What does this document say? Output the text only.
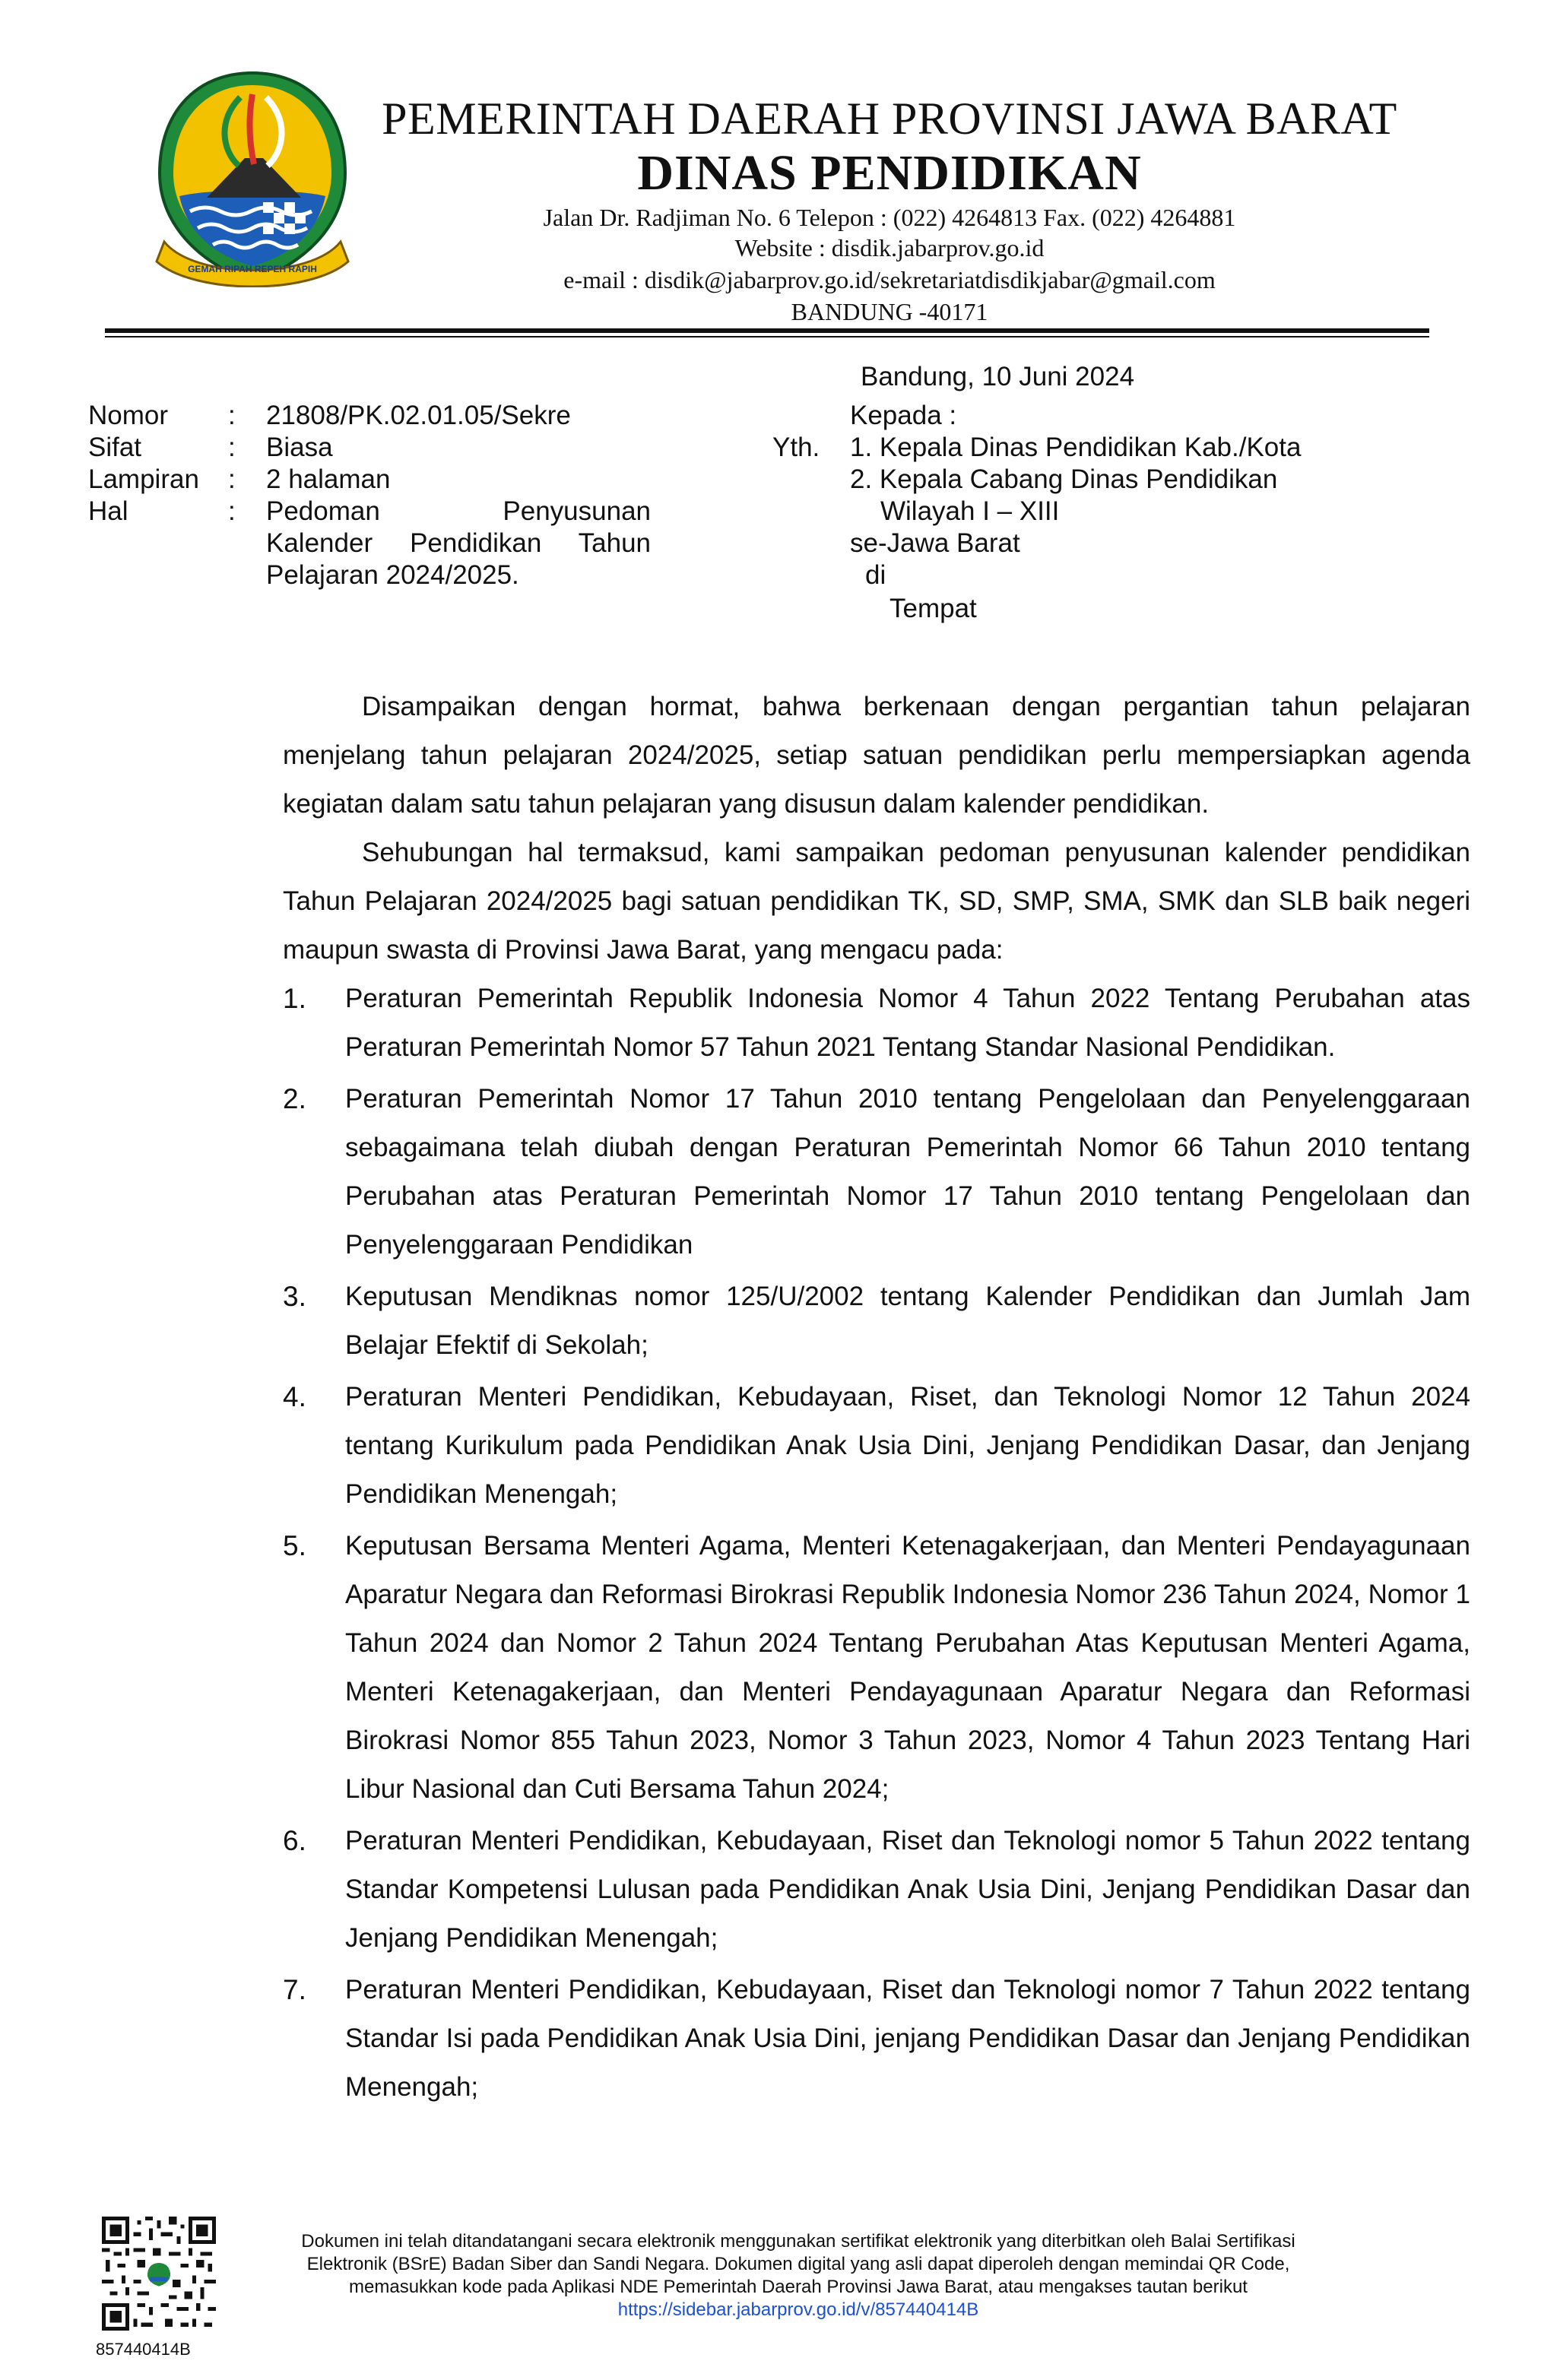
GEMAH RIPAH REPEH RAPIH
PEMERINTAH DAERAH PROVINSI JAWA BARAT
DINAS PENDIDIKAN
Jalan Dr. Radjiman No. 6 Telepon : (022) 4264813 Fax. (022) 4264881
Website : disdik.jabarprov.go.id
e-mail : disdik@jabarprov.go.id/sekretariatdisdikjabar@gmail.com
BANDUNG -40171
Nomor : 21808/PK.02.01.05/Sekre
Sifat	: Biasa
Lampiran : 2 halaman
Hal	: Pedoman Penyusunan
Kalender Pendidikan Tahun
Pelajaran 2024/2025.
Bandung, 10 Juni 2024
Kepada :
Yth. 1. Kepala Dinas Pendidikan Kab./Kota
2. Kepala Cabang Dinas Pendidikan
Wilayah I – XIII
se-Jawa Barat
di
Tempat

Disampaikan dengan hormat, bahwa berkenaan dengan pergantian tahun pelajaran menjelang tahun pelajaran 2024/2025, setiap satuan pendidikan perlu mempersiapkan agenda kegiatan dalam satu tahun pelajaran yang disusun dalam kalender pendidikan.

Sehubungan hal termaksud, kami sampaikan pedoman penyusunan kalender pendidikan Tahun Pelajaran 2024/2025 bagi satuan pendidikan TK, SD, SMP, SMA, SMK dan SLB baik negeri maupun swasta di Provinsi Jawa Barat, yang mengacu pada:

1. Peraturan Pemerintah Republik Indonesia Nomor 4 Tahun 2022 Tentang Perubahan atas Peraturan Pemerintah Nomor 57 Tahun 2021 Tentang Standar Nasional Pendidikan.
2. Peraturan Pemerintah Nomor 17 Tahun 2010 tentang Pengelolaan dan Penyelenggaraan sebagaimana telah diubah dengan Peraturan Pemerintah Nomor 66 Tahun 2010 tentang Perubahan atas Peraturan Pemerintah Nomor 17 Tahun 2010 tentang Pengelolaan dan Penyelenggaraan Pendidikan
3. Keputusan Mendiknas nomor 125/U/2002 tentang Kalender Pendidikan dan Jumlah Jam Belajar Efektif di Sekolah;
4. Peraturan Menteri Pendidikan, Kebudayaan, Riset, dan Teknologi Nomor 12 Tahun 2024 tentang Kurikulum pada Pendidikan Anak Usia Dini, Jenjang Pendidikan Dasar, dan Jenjang Pendidikan Menengah;
5. Keputusan Bersama Menteri Agama, Menteri Ketenagakerjaan, dan Menteri Pendayagunaan Aparatur Negara dan Reformasi Birokrasi Republik Indonesia Nomor 236 Tahun 2024, Nomor 1 Tahun 2024 dan Nomor 2 Tahun 2024 Tentang Perubahan Atas Keputusan Menteri Agama, Menteri Ketenagakerjaan, dan Menteri Pendayagunaan Aparatur Negara dan Reformasi Birokrasi Nomor 855 Tahun 2023, Nomor 3 Tahun 2023, Nomor 4 Tahun 2023 Tentang Hari Libur Nasional dan Cuti Bersama Tahun 2024;
6. Peraturan Menteri Pendidikan, Kebudayaan, Riset dan Teknologi nomor 5 Tahun 2022 tentang Standar Kompetensi Lulusan pada Pendidikan Anak Usia Dini, Jenjang Pendidikan Dasar dan Jenjang Pendidikan Menengah;
7. Peraturan Menteri Pendidikan, Kebudayaan, Riset dan Teknologi nomor 7 Tahun 2022 tentang Standar Isi pada Pendidikan Anak Usia Dini, jenjang Pendidikan Dasar dan Jenjang Pendidikan Menengah;
857440414B
Dokumen ini telah ditandatangani secara elektronik menggunakan sertifikat elektronik yang diterbitkan oleh Balai Sertifikasi
Elektronik (BSrE) Badan Siber dan Sandi Negara. Dokumen digital yang asli dapat diperoleh dengan memindai QR Code,
memasukkan kode pada Aplikasi NDE Pemerintah Daerah Provinsi Jawa Barat, atau mengakses tautan berikut
https://sidebar.jabarprov.go.id/v/857440414B
